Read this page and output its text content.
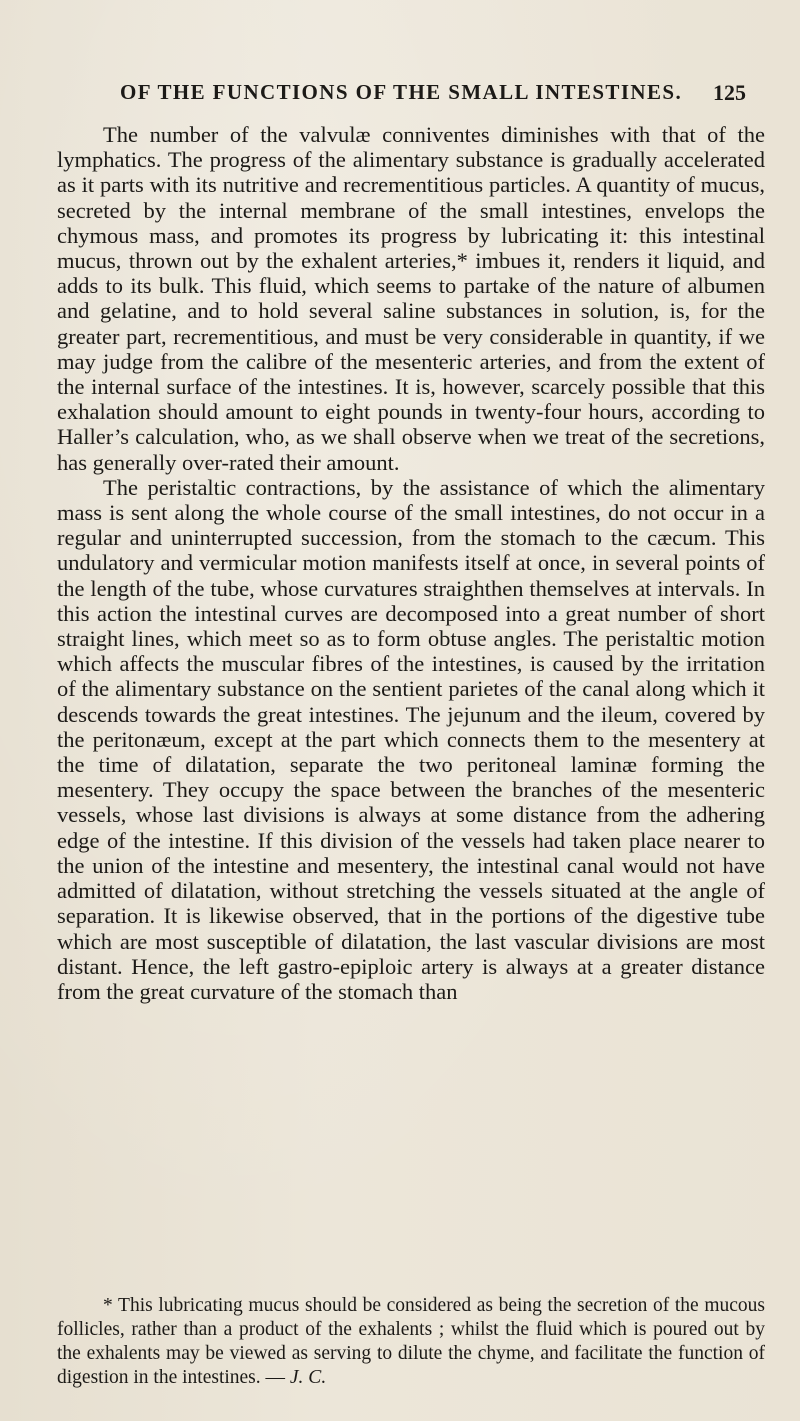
OF THE FUNCTIONS OF THE SMALL INTESTINES. 125

The number of the valvulæ conniventes diminishes with that of the lymphatics. The progress of the alimentary substance is gradually accelerated as it parts with its nutritive and recrementitious particles. A quantity of mucus, secreted by the internal membrane of the small intestines, envelops the chymous mass, and promotes its progress by lubricating it: this intestinal mucus, thrown out by the exhalent arteries,* imbues it, renders it liquid, and adds to its bulk. This fluid, which seems to partake of the nature of albumen and gelatine, and to hold several saline substances in solution, is, for the greater part, recrementitious, and must be very considerable in quantity, if we may judge from the calibre of the mesenteric arteries, and from the extent of the internal surface of the intestines. It is, however, scarcely possible that this exhalation should amount to eight pounds in twenty-four hours, according to Haller’s calculation, who, as we shall observe when we treat of the secretions, has generally over-rated their amount.

The peristaltic contractions, by the assistance of which the alimentary mass is sent along the whole course of the small intestines, do not occur in a regular and uninterrupted succession, from the stomach to the cæcum. This undulatory and vermicular motion manifests itself at once, in several points of the length of the tube, whose curvatures straighthen themselves at intervals. In this action the intestinal curves are decomposed into a great number of short straight lines, which meet so as to form obtuse angles. The peristaltic motion which affects the muscular fibres of the intestines, is caused by the irritation of the alimentary substance on the sentient parietes of the canal along which it descends towards the great intestines. The jejunum and the ileum, covered by the peritonæum, except at the part which connects them to the mesentery at the time of dilatation, separate the two peritoneal laminæ forming the mesentery. They occupy the space between the branches of the mesenteric vessels, whose last divisions is always at some distance from the adhering edge of the intestine. If this division of the vessels had taken place nearer to the union of the intestine and mesentery, the intestinal canal would not have admitted of dilatation, without stretching the vessels situated at the angle of separation. It is likewise observed, that in the portions of the digestive tube which are most susceptible of dilatation, the last vascular divisions are most distant. Hence, the left gastro-epiploic artery is always at a greater distance from the great curvature of the stomach than

* This lubricating mucus should be considered as being the secretion of the mucous follicles, rather than a product of the exhalents ; whilst the fluid which is poured out by the exhalents may be viewed as serving to dilute the chyme, and facilitate the function of digestion in the intestines. — J. C.
